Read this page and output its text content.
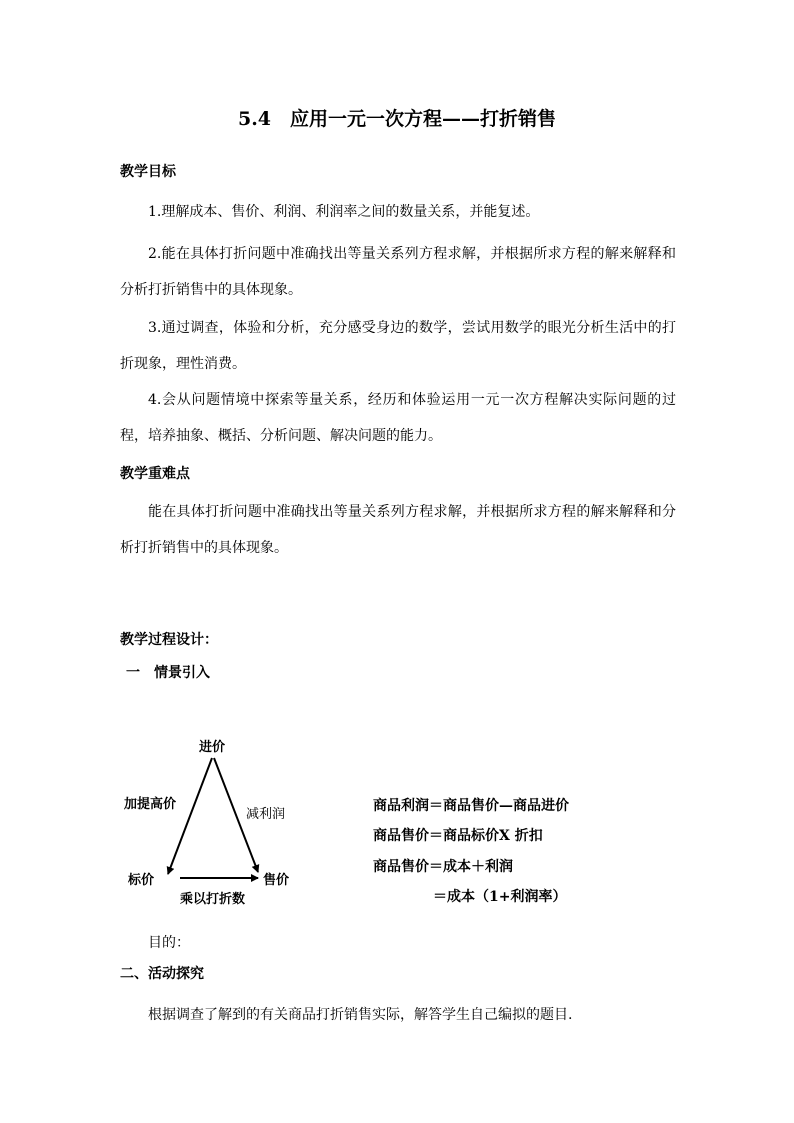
5.4　应用一元一次方程——打折销售
教学目标
1.理解成本、售价、利润、利润率之间的数量关系，并能复述。
2.能在具体打折问题中准确找出等量关系列方程求解，并根据所求方程的解来解释和分析打折销售中的具体现象。
3.通过调查，体验和分析，充分感受身边的数学，尝试用数学的眼光分析生活中的打折现象，理性消费。
4.会从问题情境中探索等量关系，经历和体验运用一元一次方程解决实际问题的过程，培养抽象、概括、分析问题、解决问题的能力。
教学重难点
能在具体打折问题中准确找出等量关系列方程求解，并根据所求方程的解来解释和分析打折销售中的具体现象。
教学过程设计：
一　情景引入
进价
标价	售价
加提高价
减利润
乘以打折数
商品利润＝商品售价—商品进价
商品售价＝商品标价X 折扣
商品售价＝成本＋利润
＝成本（1+利润率）
目的：
二、活动探究
根据调查了解到的有关商品打折销售实际，解答学生自己编拟的题目.
